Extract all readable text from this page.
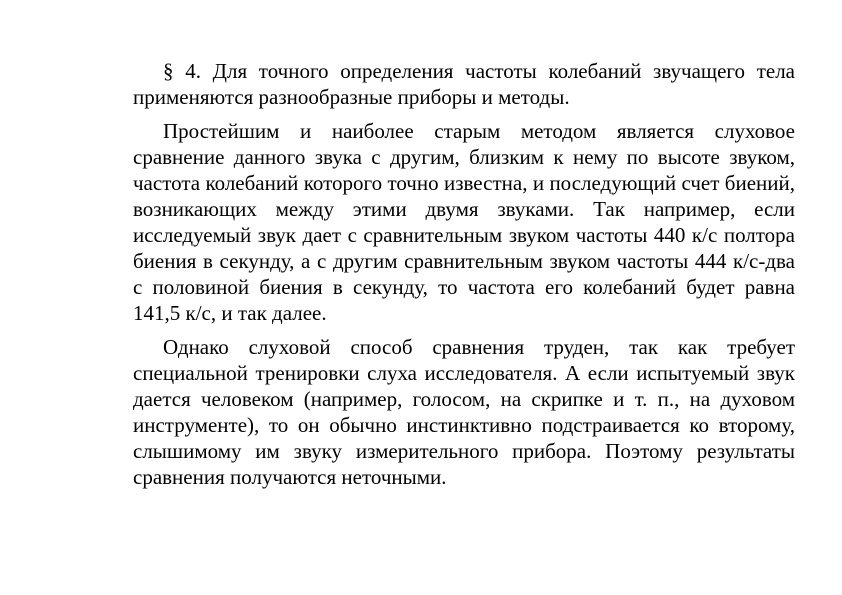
§ 4. Для точного определения частоты колебаний звучащего тела применяются разнообразные приборы и методы.

Простейшим и наиболее старым методом является слуховое сравнение данного звука с другим, близким к нему по высоте звуком, частота колебаний которого точно известна, и последующий счет биений, возникающих между этими двумя звуками. Так например, если исследуемый звук дает с сравнительным звуком частоты 440 к/с полтора биения в секунду, а с другим сравнительным звуком частоты 444 к/с-два с половиной биения в секунду, то частота его колебаний будет равна 141,5 к/с, и так далее.

Однако слуховой способ сравнения труден, так как требует специальной тренировки слуха исследователя. А если испытуемый звук дается человеком (например, голосом, на скрипке и т. п., на духовом инструменте), то он обычно инстинктивно подстраивается ко второму, слышимому им звуку измерительного прибора. Поэтому результаты сравнения получаются неточными.
